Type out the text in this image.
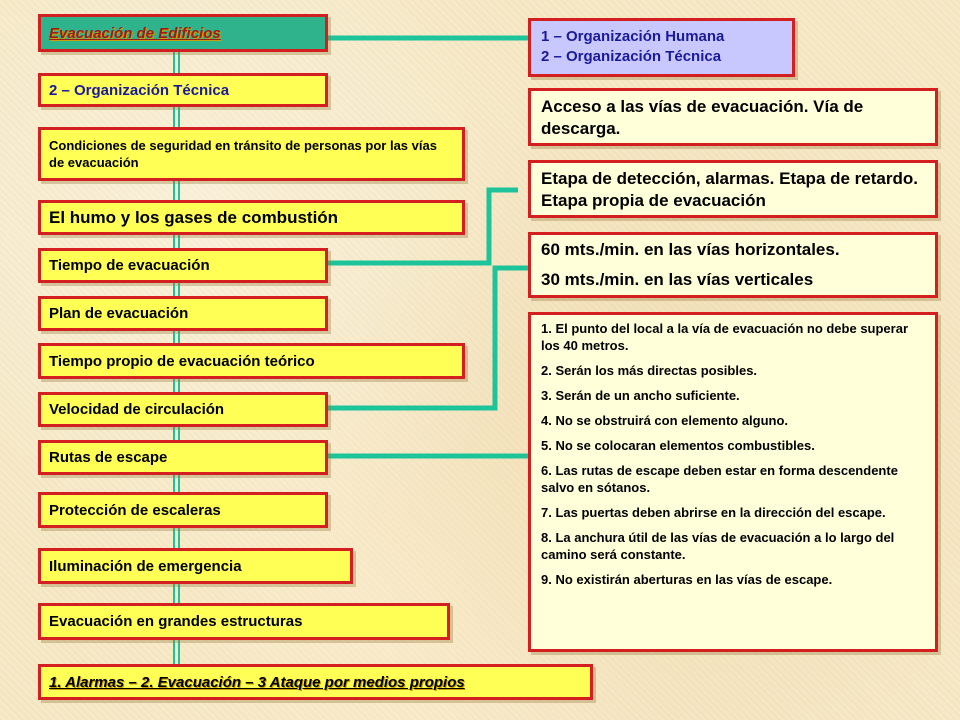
Evacuación de Edificios
2 – Organización Técnica
Condiciones de seguridad en tránsito de personas por las vías de evacuación
El humo y los gases de combustión
Tiempo de evacuación
Plan de evacuación
Tiempo propio de evacuación teórico
Velocidad de circulación
Rutas de escape
Protección de escaleras
Iluminación de emergencia
Evacuación en grandes estructuras
1. Alarmas – 2. Evacuación – 3 Ataque por medios propios
1 – Organización Humana
2 – Organización Técnica
Acceso a las vías de evacuación. Vía de descarga.
Etapa de detección, alarmas. Etapa de retardo. Etapa propia de evacuación
60 mts./min. en las vías horizontales.
30 mts./min. en las vías verticales
1. El punto del local a la vía de evacuación no debe superar los 40 metros.
2. Serán los más directas posibles.
3. Serán de un ancho suficiente.
4. No se obstruirá con elemento alguno.
5. No se colocaran elementos combustibles.
6. Las rutas de escape deben estar en forma descendente salvo en sótanos.
7. Las puertas deben abrirse en la dirección del escape.
8. La anchura útil de las vías de evacuación a lo largo del camino será constante.
9. No existirán aberturas en las vías de escape.
